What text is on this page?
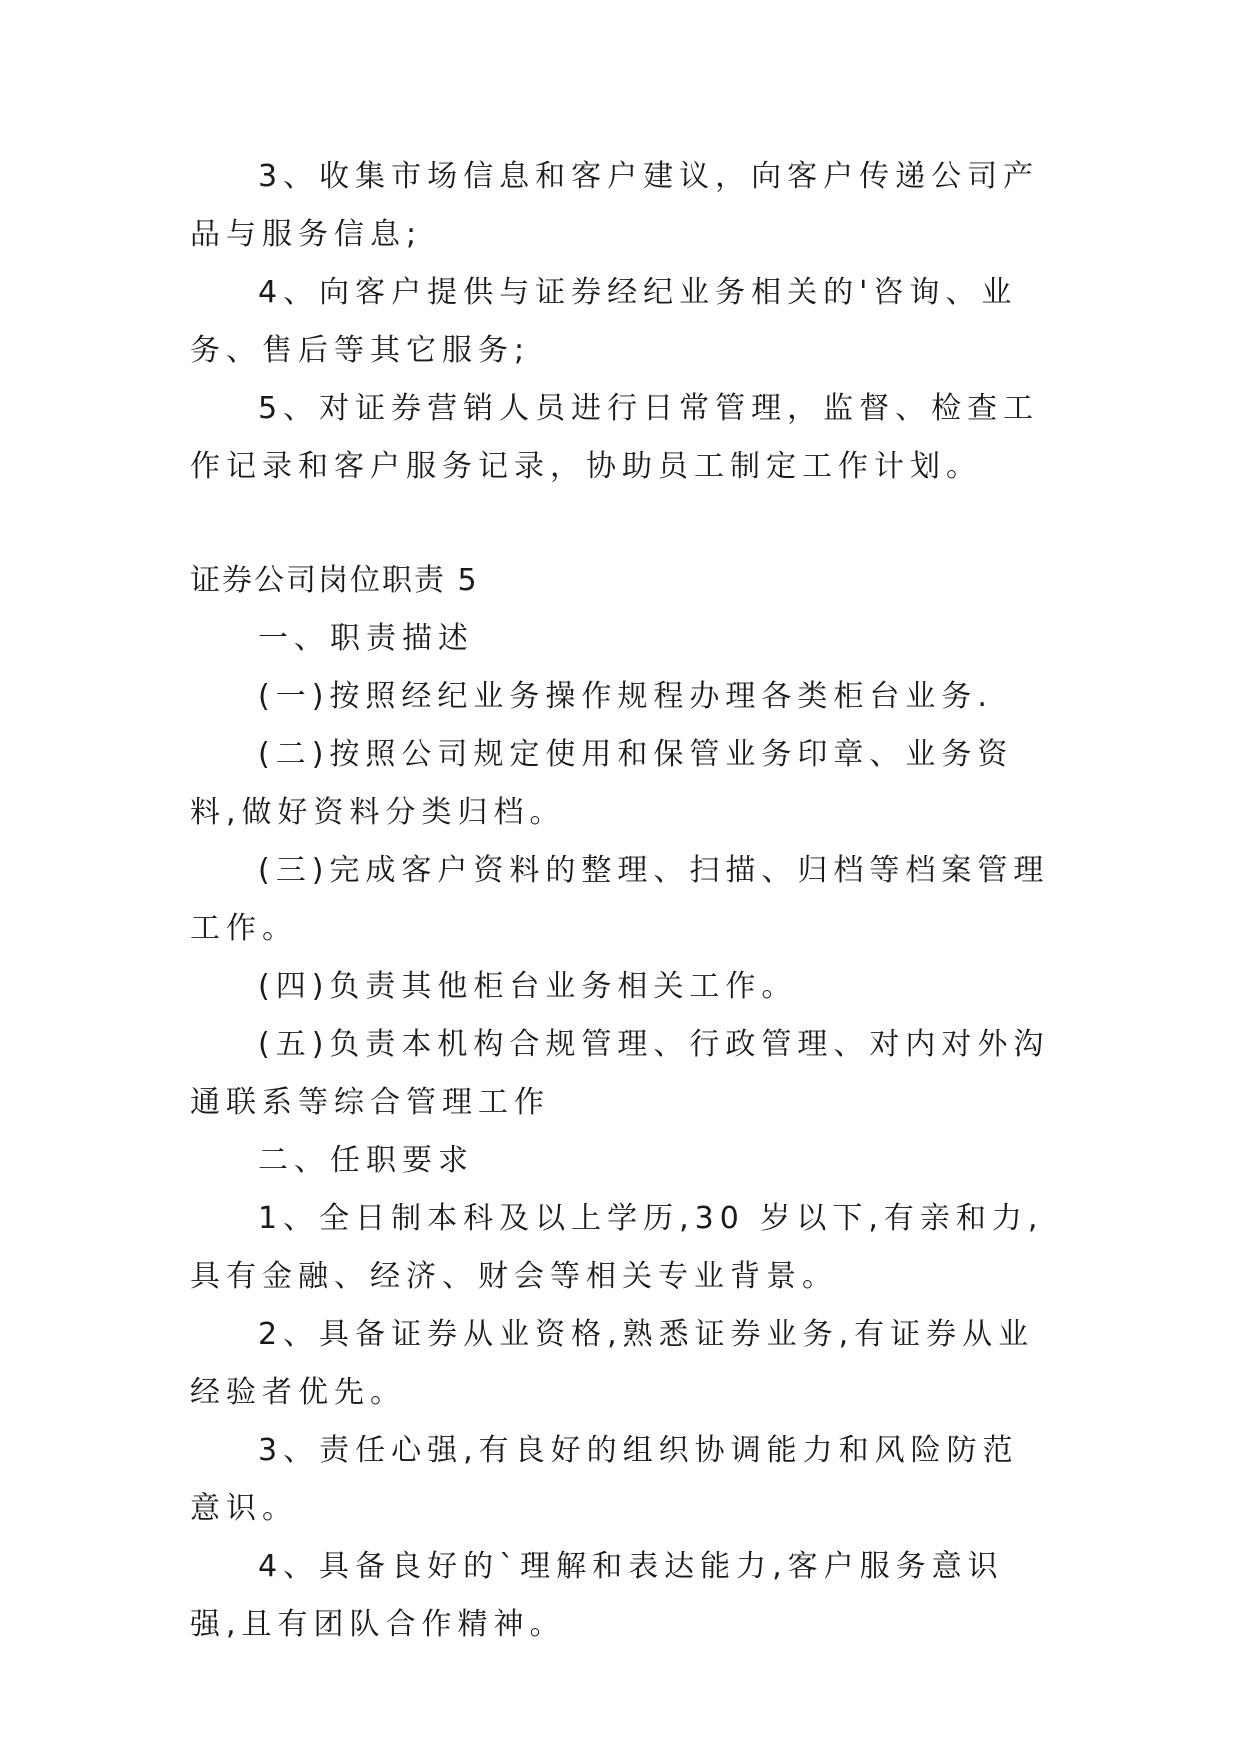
3、收集市场信息和客户建议，向客户传递公司产品与服务信息;

4、向客户提供与证券经纪业务相关的'咨询、业务、售后等其它服务;

5、对证券营销人员进行日常管理，监督、检查工作记录和客户服务记录，协助员工制定工作计划。

证券公司岗位职责 5

一、职责描述

(一)按照经纪业务操作规程办理各类柜台业务.

(二)按照公司规定使用和保管业务印章、业务资料,做好资料分类归档。

(三)完成客户资料的整理、扫描、归档等档案管理工作。

(四)负责其他柜台业务相关工作。

(五)负责本机构合规管理、行政管理、对内对外沟通联系等综合管理工作

二、任职要求

1、全日制本科及以上学历,30 岁以下,有亲和力,具有金融、经济、财会等相关专业背景。

2、具备证券从业资格,熟悉证券业务,有证券从业经验者优先。

3、责任心强,有良好的组织协调能力和风险防范意识。

4、具备良好的`理解和表达能力,客户服务意识强,且有团队合作精神。
